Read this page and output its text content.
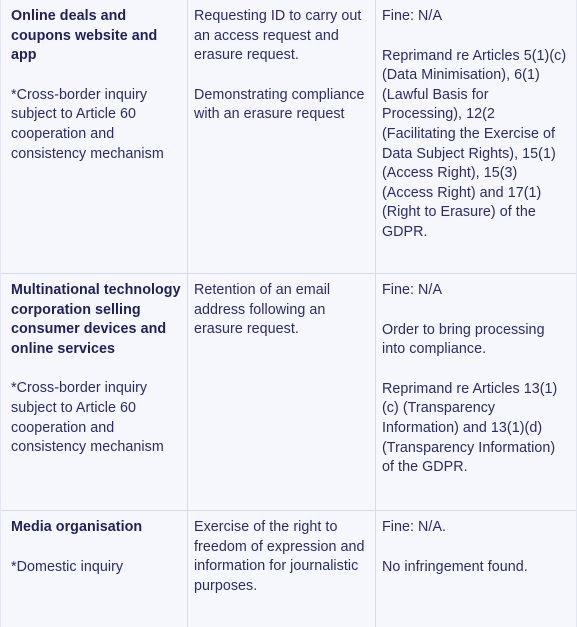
Online deals and coupons website and app
*Cross-border inquiry subject to Article 60 cooperation and consistency mechanism
Requesting ID to carry out an access request and erasure request.
Demonstrating compliance with an erasure request
Fine: N/A
Reprimand re Articles 5(1)(c) (Data Minimisation), 6(1) (Lawful Basis for Processing), 12(2 (Facilitating the Exercise of Data Subject Rights), 15(1) (Access Right), 15(3) (Access Right) and 17(1) (Right to Erasure) of the GDPR.
Multinational technology corporation selling consumer devices and online services
*Cross-border inquiry subject to Article 60 cooperation and consistency mechanism
Retention of an email address following an erasure request.
Fine: N/A
Order to bring processing into compliance.
Reprimand re Articles 13(1)(c) (Transparency Information) and 13(1)(d) (Transparency Information) of the GDPR.
Media organisation
*Domestic inquiry
Exercise of the right to freedom of expression and information for journalistic purposes.
Fine: N/A.
No infringement found.
